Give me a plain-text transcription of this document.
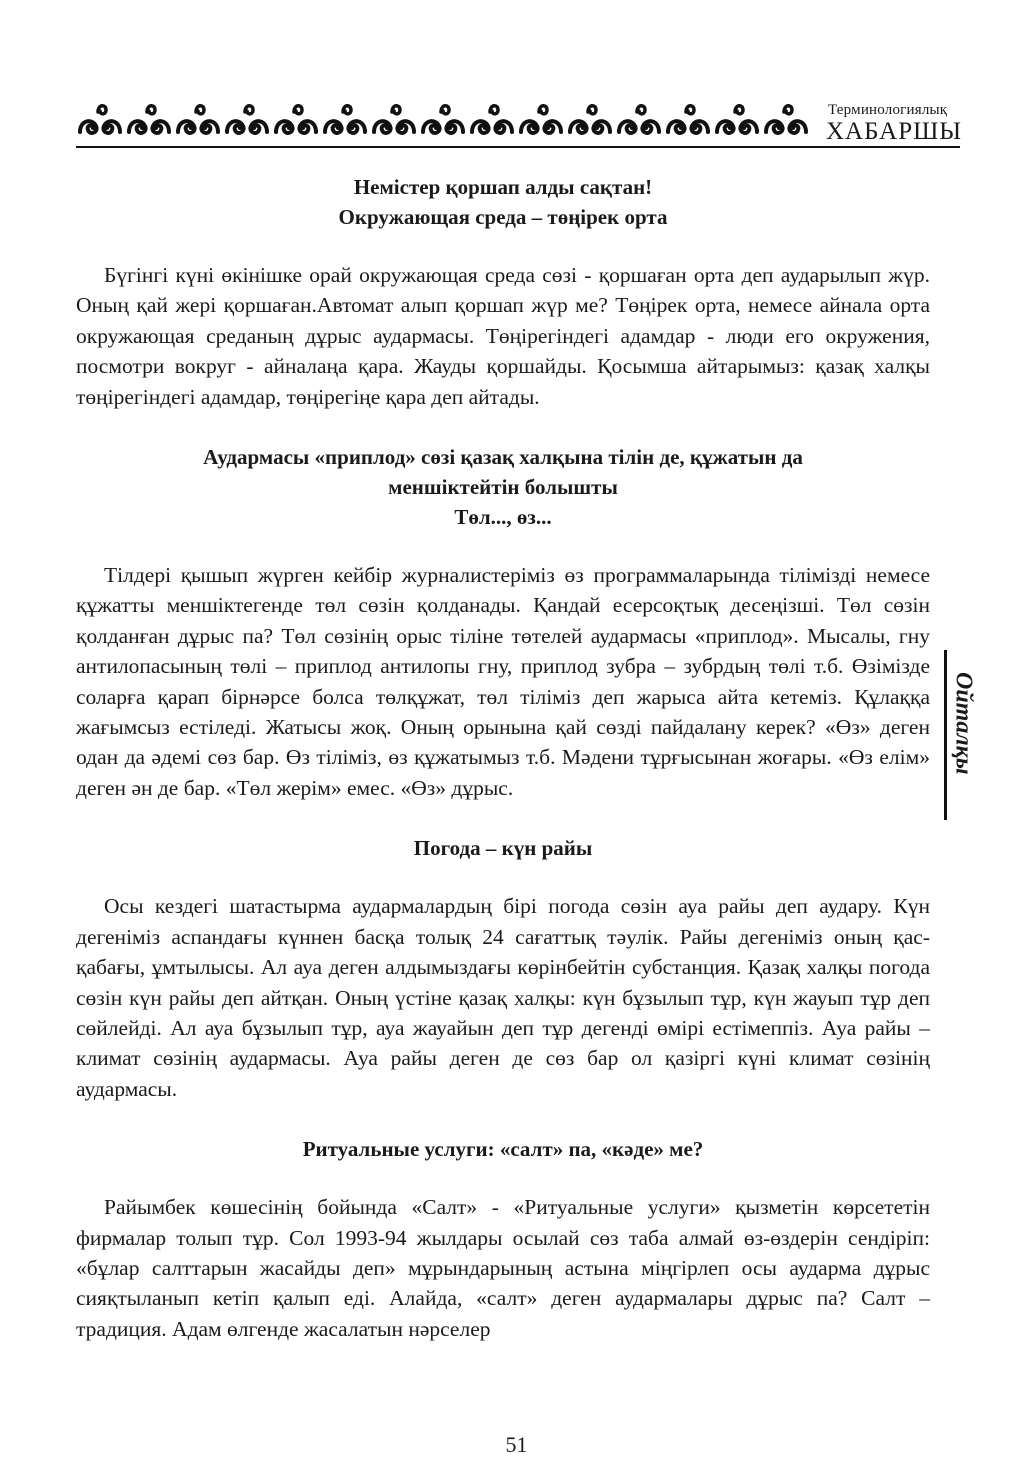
Терминологиялық
ХАБАРШЫ

Немістер қоршап алды сақтан!

Окружающая среда – төңірек орта

Бүгінгі күні өкінішке орай окружающая среда сөзі - қоршаған орта деп аударылып жүр. Оның қай жері қоршаған.Автомат алып қоршап жүр ме? Төңірек орта, немесе айнала орта окружающая среданың дұрыс аудармасы. Төңірегіндегі адамдар - люди его окружения, посмотри вокруг - айналаңа қара. Жауды қоршайды. Қосымша айтарымыз: қазақ халқы төңірегіндегі адамдар, төңірегіңе қара деп айтады.

Аудармасы «приплод» сөзі қазақ халқына тілін де, құжатын да

меншіктейтін болышты

Төл..., өз...

Тілдері қышып жүрген кейбір журналистеріміз өз программаларында тілімізді немесе құжатты меншіктегенде төл сөзін қолданады. Қандай есерсоқтық десеңізші. Төл сөзін қолданған дұрыс па? Төл сөзінің орыс тіліне төтелей аудармасы «приплод». Мысалы, гну антилопасының төлі – приплод антилопы гну, приплод зубра – зубрдың төлі т.б. Өзімізде соларға қарап бірнәрсе болса төлқұжат, төл тіліміз деп жарыса айта кетеміз. Құлаққа жағымсыз естіледі. Жатысы жоқ. Оның орынына қай сөзді пайдалану керек? «Өз» деген одан да әдемі сөз бар. Өз тіліміз, өз құжатымыз т.б. Мәдени тұрғысынан жоғары. «Өз елім» деген ән де бар. «Төл жерім» емес. «Өз» дұрыс.

Погода – күн райы

Осы кездегі шатастырма аудармалардың бірі погода сөзін ауа райы деп аудару. Күн дегеніміз аспандағы күннен басқа толық 24 сағаттық тәулік. Райы дегеніміз оның қас-қабағы, ұмтылысы. Ал ауа деген алдымыздағы көрінбейтін субстанция. Қазақ халқы погода сөзін күн райы деп айтқан. Оның үстіне қазақ халқы: күн бұзылып тұр, күн жауып тұр деп сөйлейді. Ал ауа бұзылып тұр, ауа жауайын деп тұр дегенді өмірі естімеппіз. Ауа райы – климат сөзінің аудармасы. Ауа райы деген де сөз бар ол қазіргі күні климат сөзінің аудармасы.

Ритуальные услуги: «салт» па, «кәде» ме?

Райымбек көшесінің бойында «Салт» - «Ритуальные услуги» қызметін көрсететін фирмалар толып тұр. Сол 1993-94 жылдары осылай сөз таба алмай өз-өздерін сендіріп: «бұлар салттарын жасайды деп» мұрындарының астына міңгірлеп осы аударма дұрыс сияқтыланып кетіп қалып еді. Алайда, «салт» деген аудармалары дұрыс па? Салт – традиция. Адам өлгенде жасалатын нәрселер

Ойталқы
51
